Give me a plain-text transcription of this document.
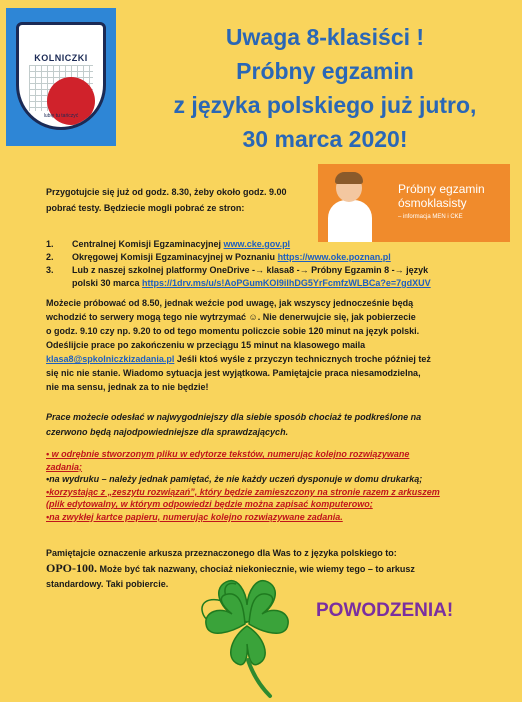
KOLNICZKI
lubię tu tańczyć
Uwaga 8-klasiści !
Próbny egzamin
z języka polskiego już jutro,
30 marca 2020!
Próbny egzamin
ósmoklasisty
– informacja MEN i CKE
Przygotujcie się już od godz. 8.30, żeby około godz. 9.00
pobrać testy. Będziecie mogli pobrać ze stron:
1.	Centralnej Komisji Egzaminacyjnej www.cke.gov.pl
2.	Okręgowej Komisji Egzaminacyjnej w Poznaniu https://www.oke.poznan.pl
3.	Lub z naszej szkolnej platformy OneDrive -→ klasa8 -→ Próbny Egzamin 8 -→ język
polski 30 marca https://1drv.ms/u/s!AoPGumKOI9ilhDG5YrFcmfzWLBCa?e=7gdXUV
Możecie próbować od 8.50, jednak weźcie pod uwagę, jak wszyscy jednocześnie będą
wchodzić to serwery mogą tego nie wytrzymać ☺. Nie denerwujcie się, jak pobierzecie
o godz. 9.10 czy np. 9.20 to od tego momentu policzcie sobie 120 minut na język polski.
Odeślijcie prace po zakończeniu w przeciągu 15 minut na klasowego maila
klasa8@spkolniczkizadania.pl Jeśli ktoś wyśle z przyczyn technicznych troche później też
się nic nie stanie. Wiadomo sytuacja jest wyjątkowa. Pamiętajcie praca niesamodzielna,
nie ma sensu, jednak za to nie będzie!
Prace możecie odesłać w najwygodniejszy dla siebie sposób chociaż te podkreślone na
czerwono będą najodpowiedniejsze dla sprawdzających.
• w odrębnie stworzonym pliku w edytorze tekstów, numerując kolejno rozwiązywane
zadania;
•na wydruku – należy jednak pamiętać, że nie każdy uczeń dysponuje w domu drukarką;
•korzystając z „zeszytu rozwiązań”, który będzie zamieszczony na stronie razem z arkuszem
(plik edytowalny, w którym odpowiedzi będzie można zapisać komputerowo;
•na zwykłej kartce papieru, numerując kolejno rozwiązywane zadania.
Pamiętajcie oznaczenie arkusza przeznaczonego dla Was to z języka polskiego to:
OPO-100. Może być tak nazwany, chociaż niekoniecznie, wie wiemy tego – to arkusz
standardowy. Taki pobiercie.
POWODZENIA!
